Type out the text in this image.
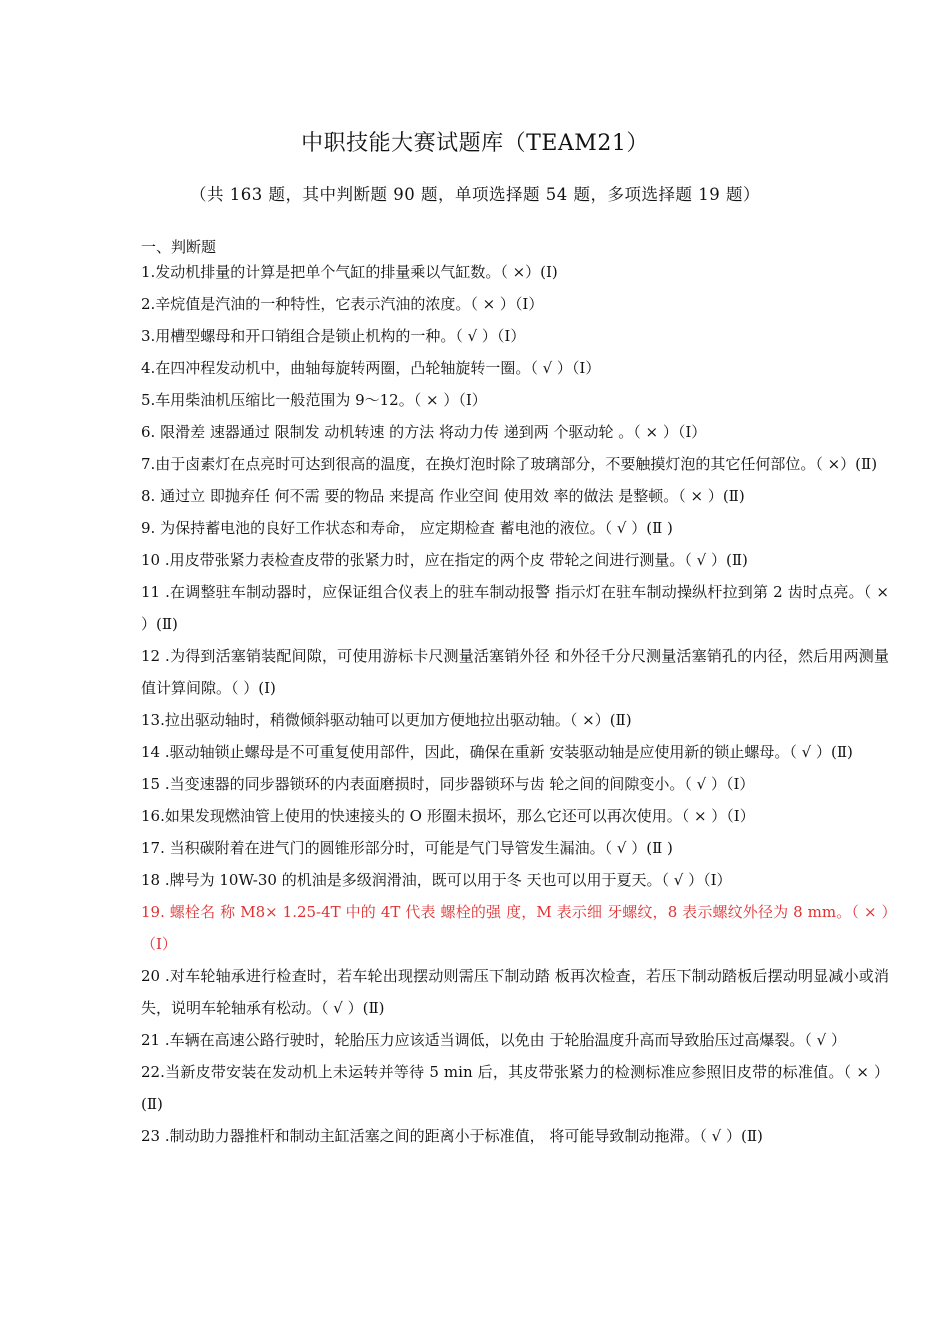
中职技能大赛试题库（TEAM21）
（共 163 题，其中判断题 90 题，单项选择题 54 题，多项选择题 19 题）
一、判断题

1.发动机排量的计算是把单个气缸的排量乘以气缸数。（ ×）(Ⅰ)

2.辛烷值是汽油的一种特性，它表示汽油的浓度。（ × ）（Ⅰ）

3.用槽型螺母和开口销组合是锁止机构的一种。（ √ ）（Ⅰ）

4.在四冲程发动机中，曲轴每旋转两圈，凸轮轴旋转一圈。（ √ ）（Ⅰ）

5.车用柴油机压缩比一般范围为 9～12。（ × ）（Ⅰ）

6. 限滑差 速器通过 限制发 动机转速 的方法 将动力传 递到两 个驱动轮 。（ × ）（Ⅰ）

7.由于卤素灯在点亮时可达到很高的温度，在换灯泡时除了玻璃部分，不要触摸灯泡的其它任何部位。（ ×）(Ⅱ)

8. 通过立 即抛弃任 何不需 要的物品 来提高 作业空间 使用效 率的做法 是整顿。（ × ）(Ⅱ)

9. 为保持蓄电池的良好工作状态和寿命， 应定期检查 蓄电池的液位。（ √ ）(Ⅱ )

10 .用皮带张紧力表检查皮带的张紧力时，应在指定的两个皮 带轮之间进行测量。（ √ ）(Ⅱ)

11 .在调整驻车制动器时，应保证组合仪表上的驻车制动报警 指示灯在驻车制动操纵杆拉到第 2 齿时点亮。（ × ）(Ⅱ)

12 .为得到活塞销装配间隙，可使用游标卡尺测量活塞销外径 和外径千分尺测量活塞销孔的内径，然后用两测量值计算间隙。（ ）(Ⅰ)

13.拉出驱动轴时，稍微倾斜驱动轴可以更加方便地拉出驱动轴。（ ×）(Ⅱ)

14 .驱动轴锁止螺母是不可重复使用部件，因此，确保在重新 安装驱动轴是应使用新的锁止螺母。（ √ ）(Ⅱ)

15 .当变速器的同步器锁环的内表面磨损时，同步器锁环与齿 轮之间的间隙变小。（ √ ）（Ⅰ）

16.如果发现燃油管上使用的快速接头的 O 形圈未损坏，那么它还可以再次使用。（ × ）（Ⅰ）

17. 当积碳附着在进气门的圆锥形部分时，可能是气门导管发生漏油。（ √ ）(Ⅱ )

18 .牌号为 10W-30 的机油是多级润滑油，既可以用于冬 天也可以用于夏天。（ √ ）（Ⅰ）

19. 螺栓名 称 M8× 1.25-4T 中的 4T 代表 螺栓的强 度，M 表示细 牙螺纹，8 表示螺纹外径为 8 mm。（ × ）（Ⅰ）

20 .对车轮轴承进行检查时，若车轮出现摆动则需压下制动踏 板再次检查，若压下制动踏板后摆动明显减小或消失，说明车轮轴承有松动。（ √ ）(Ⅱ)

21 .车辆在高速公路行驶时，轮胎压力应该适当调低，以免由 于轮胎温度升高而导致胎压过高爆裂。（ √ ）

22.当新皮带安装在发动机上未运转并等待 5 min 后，其皮带张紧力的检测标准应参照旧皮带的标准值。（ × ）(Ⅱ)

23 .制动助力器推杆和制动主缸活塞之间的距离小于标准值， 将可能导致制动拖滞。（ √ ）(Ⅱ)
